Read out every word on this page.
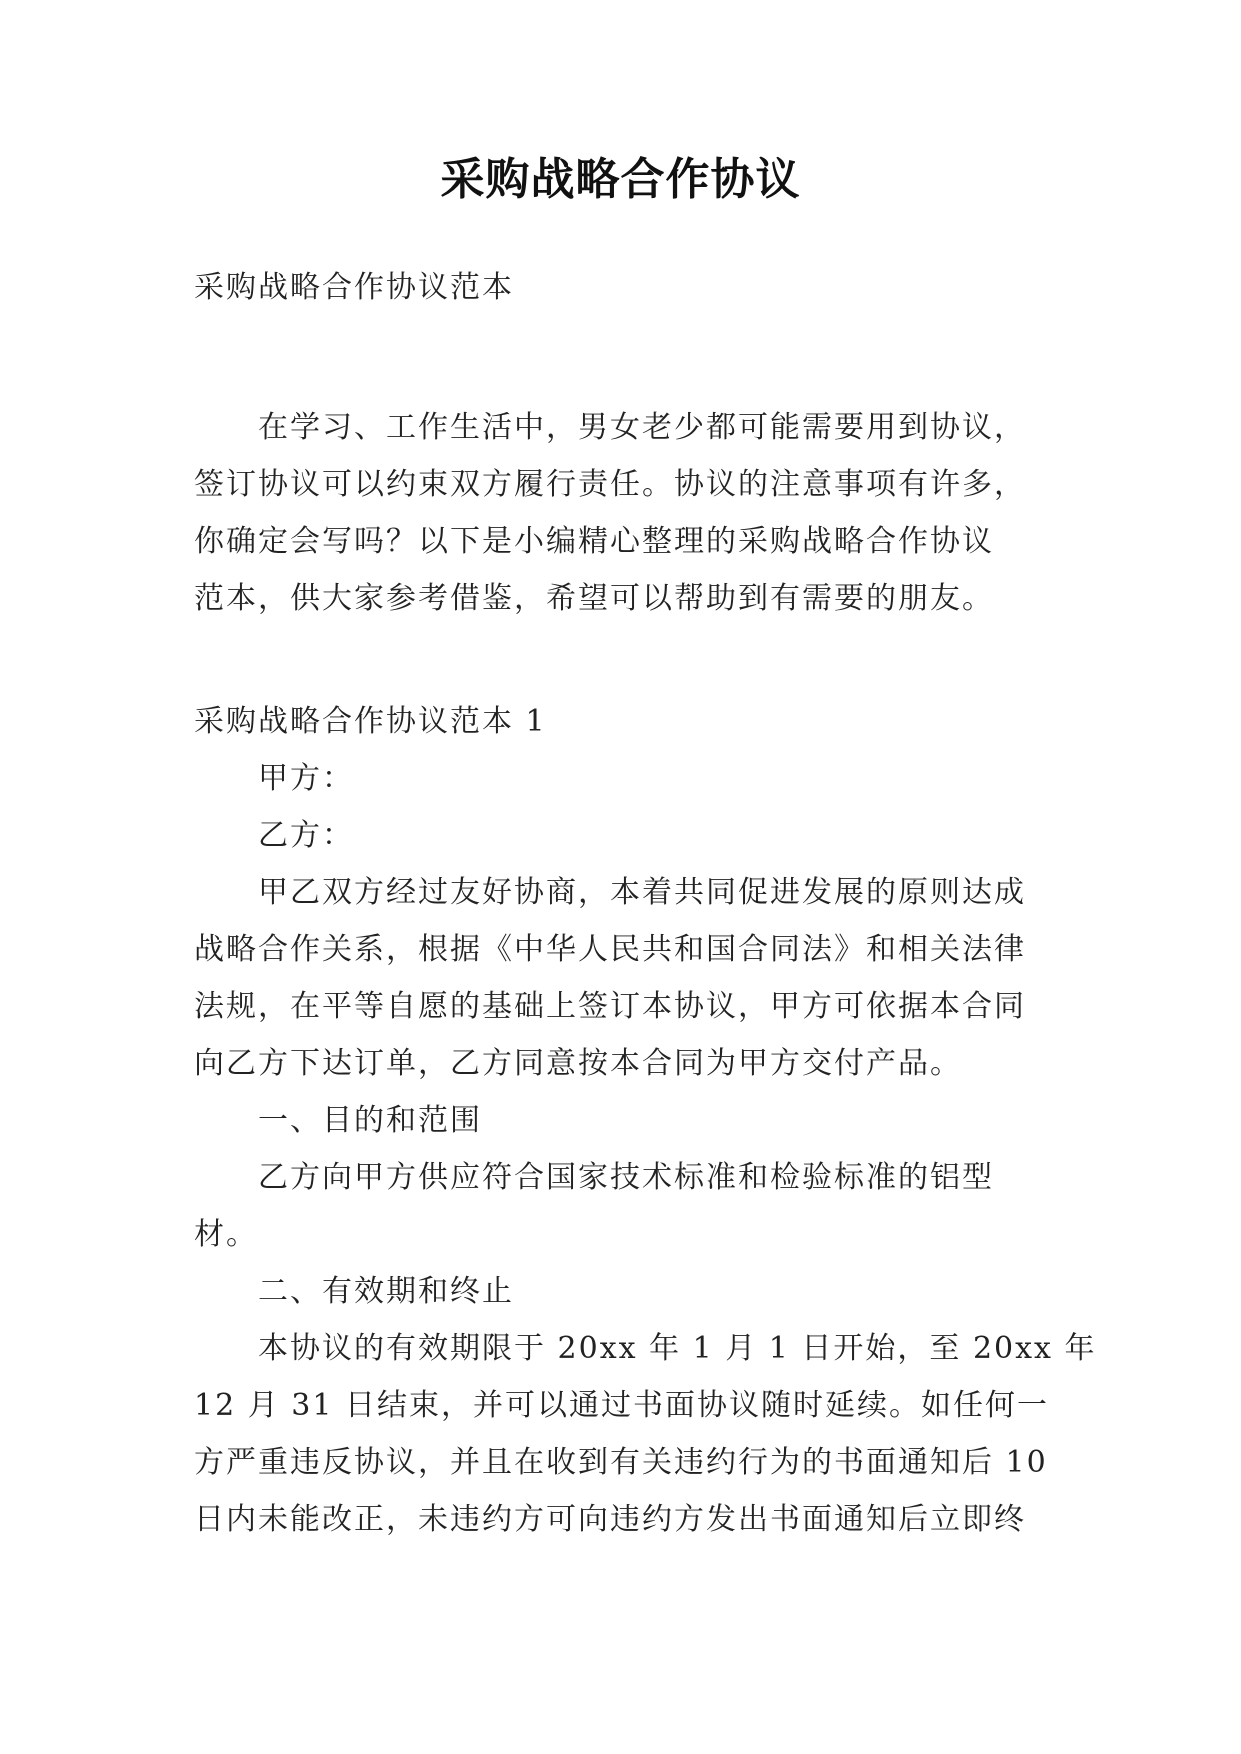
采购战略合作协议
采购战略合作协议范本
在学习、工作生活中，男女老少都可能需要用到协议，
签订协议可以约束双方履行责任。协议的注意事项有许多，
你确定会写吗？以下是小编精心整理的采购战略合作协议
范本，供大家参考借鉴，希望可以帮助到有需要的朋友。
采购战略合作协议范本 1
甲方：
乙方：
甲乙双方经过友好协商，本着共同促进发展的原则达成
战略合作关系，根据《中华人民共和国合同法》和相关法律
法规，在平等自愿的基础上签订本协议，甲方可依据本合同
向乙方下达订单，乙方同意按本合同为甲方交付产品。
一、目的和范围
乙方向甲方供应符合国家技术标准和检验标准的铝型
材。
二、有效期和终止
本协议的有效期限于 20xx 年 1 月 1 日开始，至 20xx 年
12 月 31 日结束，并可以通过书面协议随时延续。如任何一
方严重违反协议，并且在收到有关违约行为的书面通知后 10
日内未能改正，未违约方可向违约方发出书面通知后立即终
